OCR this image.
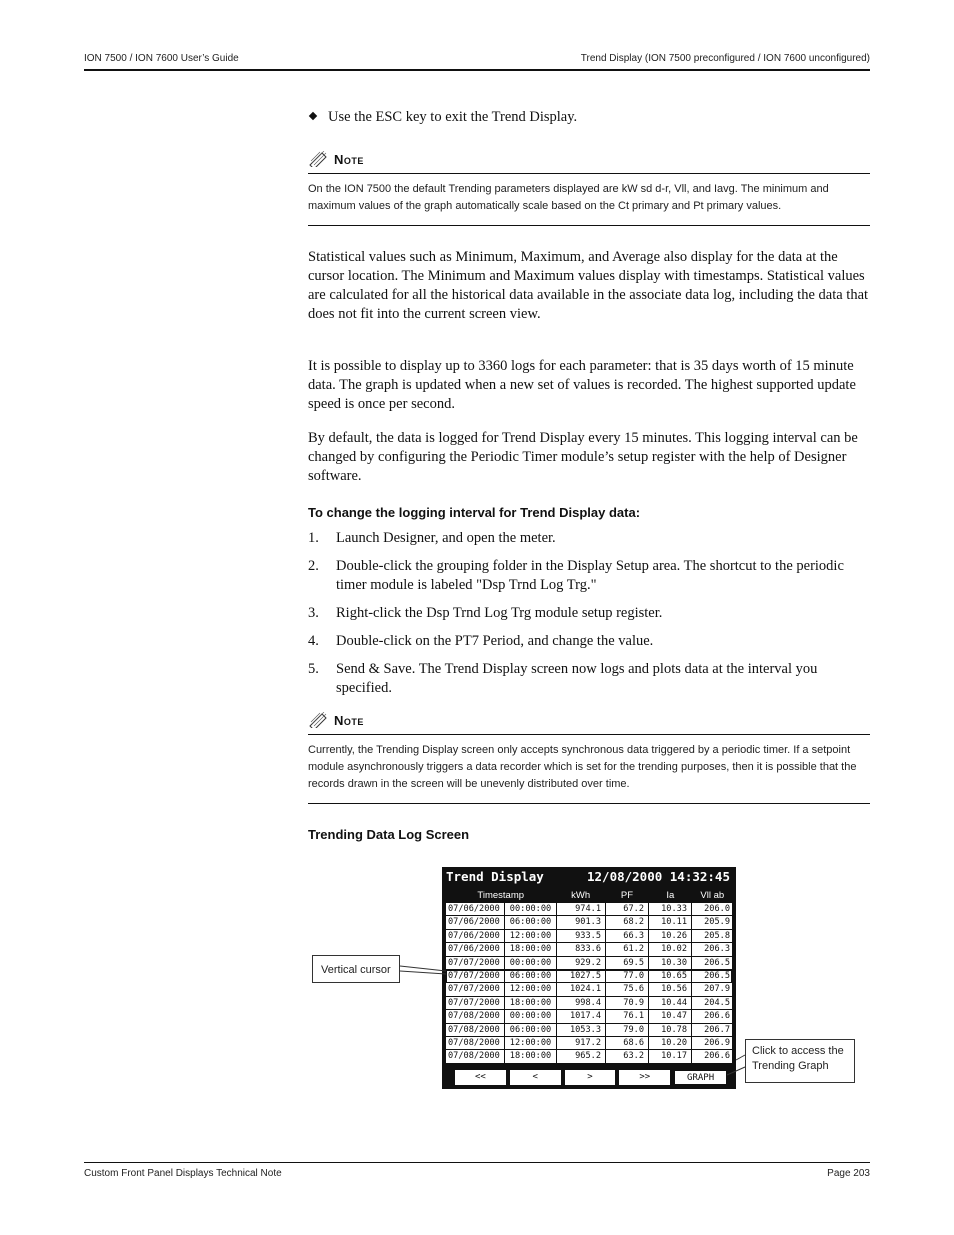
ION 7500 / ION 7600 User’s Guide	Trend Display (ION 7500 preconfigured / ION 7600 unconfigured)
Use the ESC key to exit the Trend Display.
Note
On the ION 7500 the default Trending parameters displayed are kW sd d-r, Vll, and Iavg. The minimum and maximum values of the graph automatically scale based on the Ct primary and Pt primary values.
Statistical values such as Minimum, Maximum, and Average also display for the data at the cursor location. The Minimum and Maximum values display with timestamps. Statistical values are calculated for all the historical data available in the associate data log, including the data that does not fit into the current screen view.
It is possible to display up to 3360 logs for each parameter: that is 35 days worth of 15 minute data. The graph is updated when a new set of values is recorded. The highest supported update speed is once per second.
By default, the data is logged for Trend Display every 15 minutes. This logging interval can be changed by configuring the Periodic Timer module’s setup register with the help of Designer software.
To change the logging interval for Trend Display data:
1. Launch Designer, and open the meter.
2. Double-click the grouping folder in the Display Setup area. The shortcut to the periodic timer module is labeled "Dsp Trnd Log Trg."
3. Right-click the Dsp Trnd Log Trg module setup register.
4. Double-click on the PT7 Period, and change the value.
5. Send & Save. The Trend Display screen now logs and plots data at the interval you specified.
Note
Currently, the Trending Display screen only accepts synchronous data triggered by a periodic timer. If a setpoint module asynchronously triggers a data recorder which is set for the trending purposes, then it is possible that the records drawn in the screen will be unevenly distributed over time.
Trending Data Log Screen
Trend Display	12/08/2000 14:32:45
Timestamp	kWh	PF	Ia	Vll ab
07/06/2000	00:00:00	974.1	67.2	10.33	206.0
07/06/2000	06:00:00	901.3	68.2	10.11	205.9
07/06/2000	12:00:00	933.5	66.3	10.26	205.8
07/06/2000	18:00:00	833.6	61.2	10.02	206.3
07/07/2000	00:00:00	929.2	69.5	10.30	206.5
07/07/2000	06:00:00	1027.5	77.0	10.65	206.5
07/07/2000	12:00:00	1024.1	75.6	10.56	207.9
07/07/2000	18:00:00	998.4	70.9	10.44	204.5
07/08/2000	00:00:00	1017.4	76.1	10.47	206.6
07/08/2000	06:00:00	1053.3	79.0	10.78	206.7
07/08/2000	12:00:00	917.2	68.6	10.20	206.9
07/08/2000	18:00:00	965.2	63.2	10.17	206.6
<<	<	>	>>	GRAPH
Vertical cursor
Click to access the Trending Graph
Custom Front Panel Displays Technical Note	Page 203
